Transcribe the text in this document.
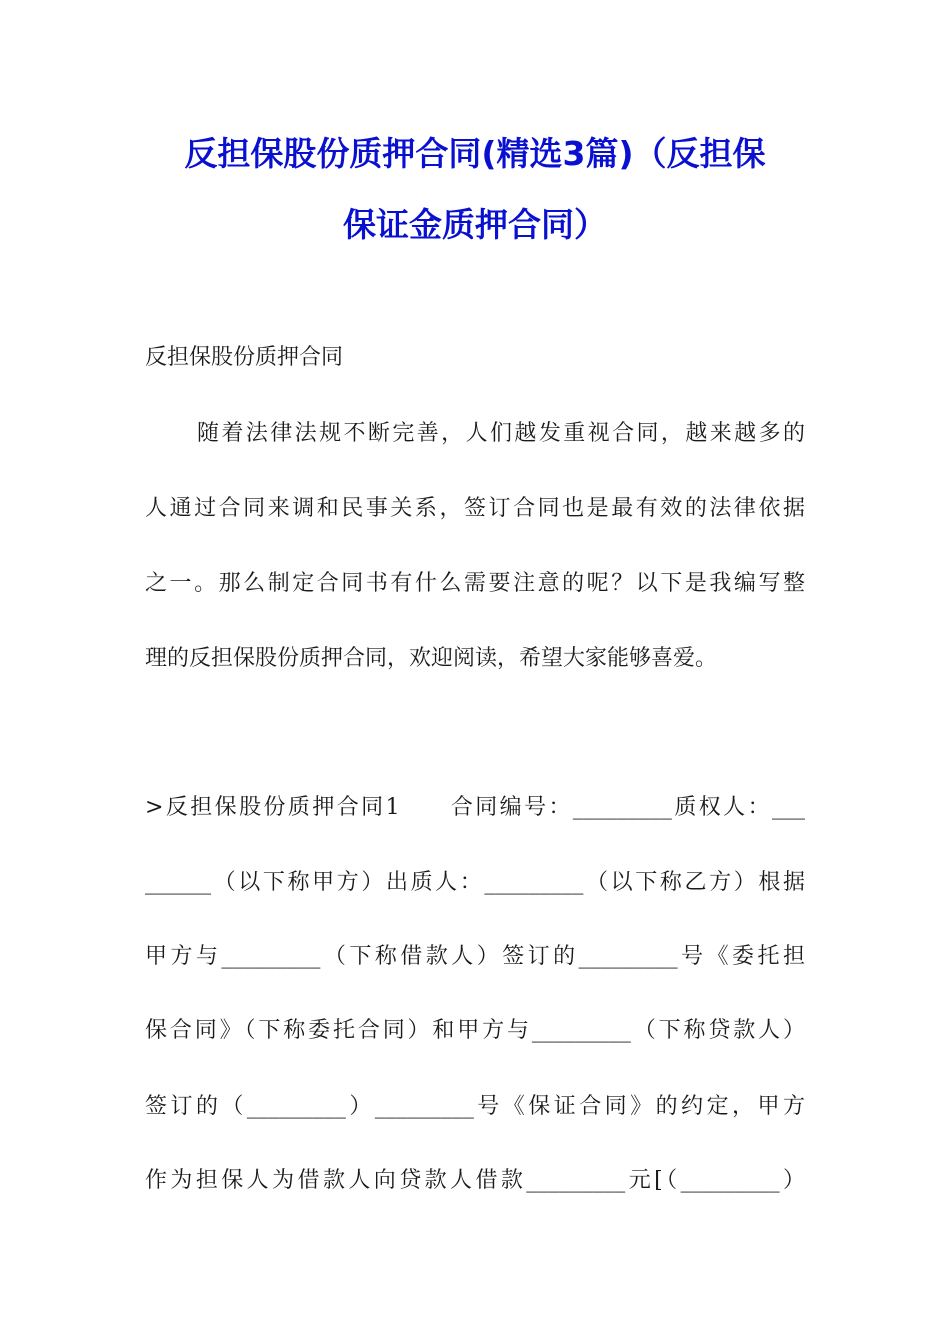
反担保股份质押合同(精选3篇)（反担保
保证金质押合同）
反担保股份质押合同
随着法律法规不断完善，人们越发重视合同，越来越多的
人通过合同来调和民事关系，签订合同也是最有效的法律依据
之一。那么制定合同书有什么需要注意的呢？以下是我编写整
理的反担保股份质押合同，欢迎阅读，希望大家能够喜爱。
>反担保股份质押合同1　　合同编号：_________质权人：___
______（以下称甲方）出质人：_________（以下称乙方）根据
甲方与_________（下称借款人）签订的_________号《委托担
保合同》（下称委托合同）和甲方与_________（下称贷款人）
签订的（_________）_________号《保证合同》的约定，甲方
作为担保人为借款人向贷款人借款_________元[（_________）
